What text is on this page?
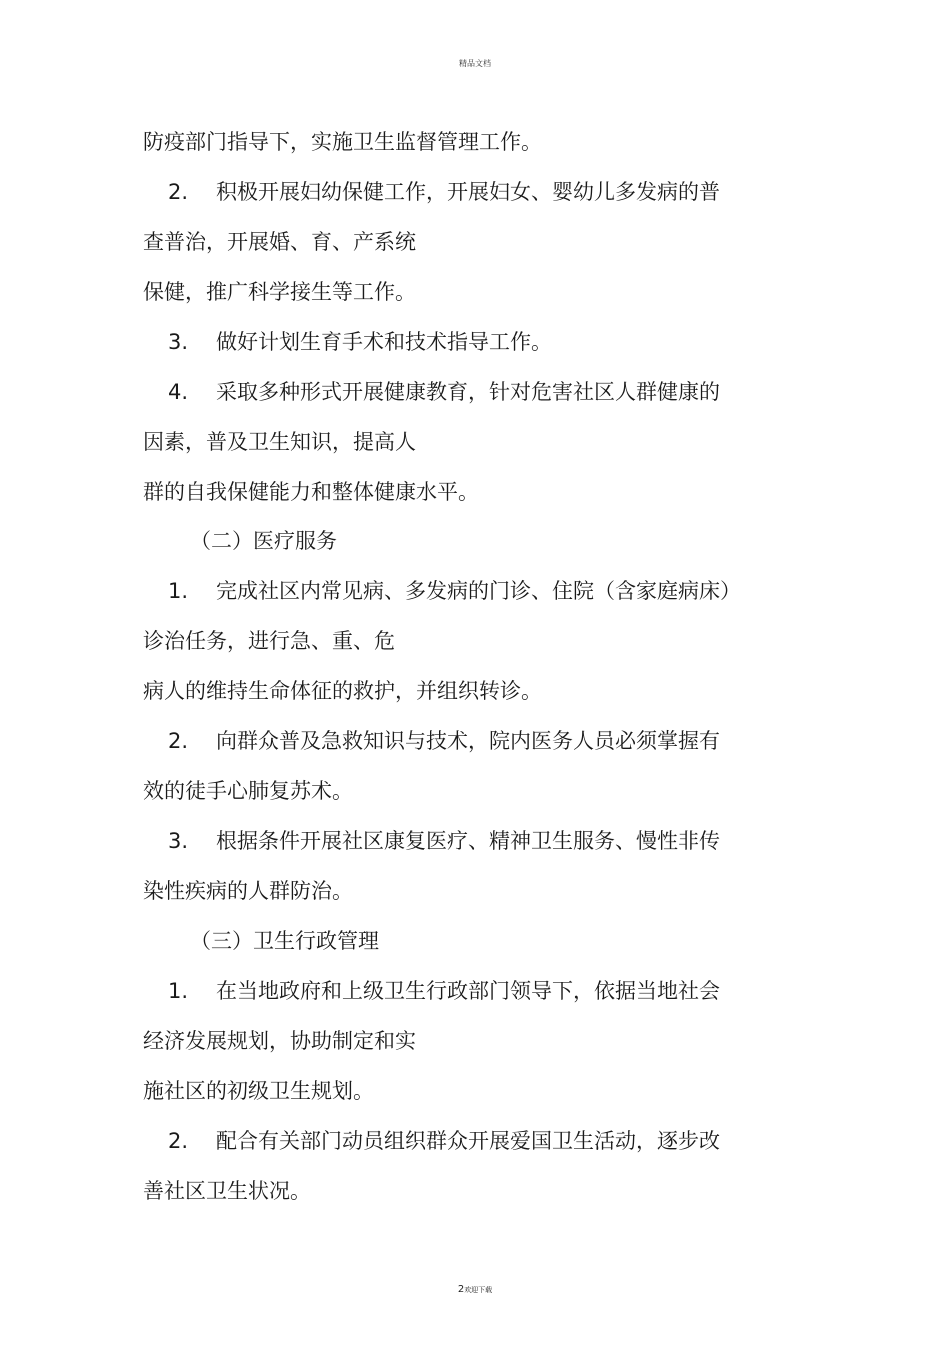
精品文档
防疫部门指导下，实施卫生监督管理工作。
2. 积极开展妇幼保健工作，开展妇女、婴幼儿多发病的普
查普治，开展婚、育、产系统
保健，推广科学接生等工作。
3. 做好计划生育手术和技术指导工作。
4. 采取多种形式开展健康教育，针对危害社区人群健康的
因素，普及卫生知识，提高人
群的自我保健能力和整体健康水平。
（二）医疗服务
1. 完成社区内常见病、多发病的门诊、住院（含家庭病床）
诊治任务，进行急、重、危
病人的维持生命体征的救护，并组织转诊。
2. 向群众普及急救知识与技术，院内医务人员必须掌握有
效的徒手心肺复苏术。
3. 根据条件开展社区康复医疗、精神卫生服务、慢性非传
染性疾病的人群防治。
（三）卫生行政管理
1. 在当地政府和上级卫生行政部门领导下，依据当地社会
经济发展规划，协助制定和实
施社区的初级卫生规划。
2. 配合有关部门动员组织群众开展爱国卫生活动，逐步改
善社区卫生状况。
2欢迎下载
